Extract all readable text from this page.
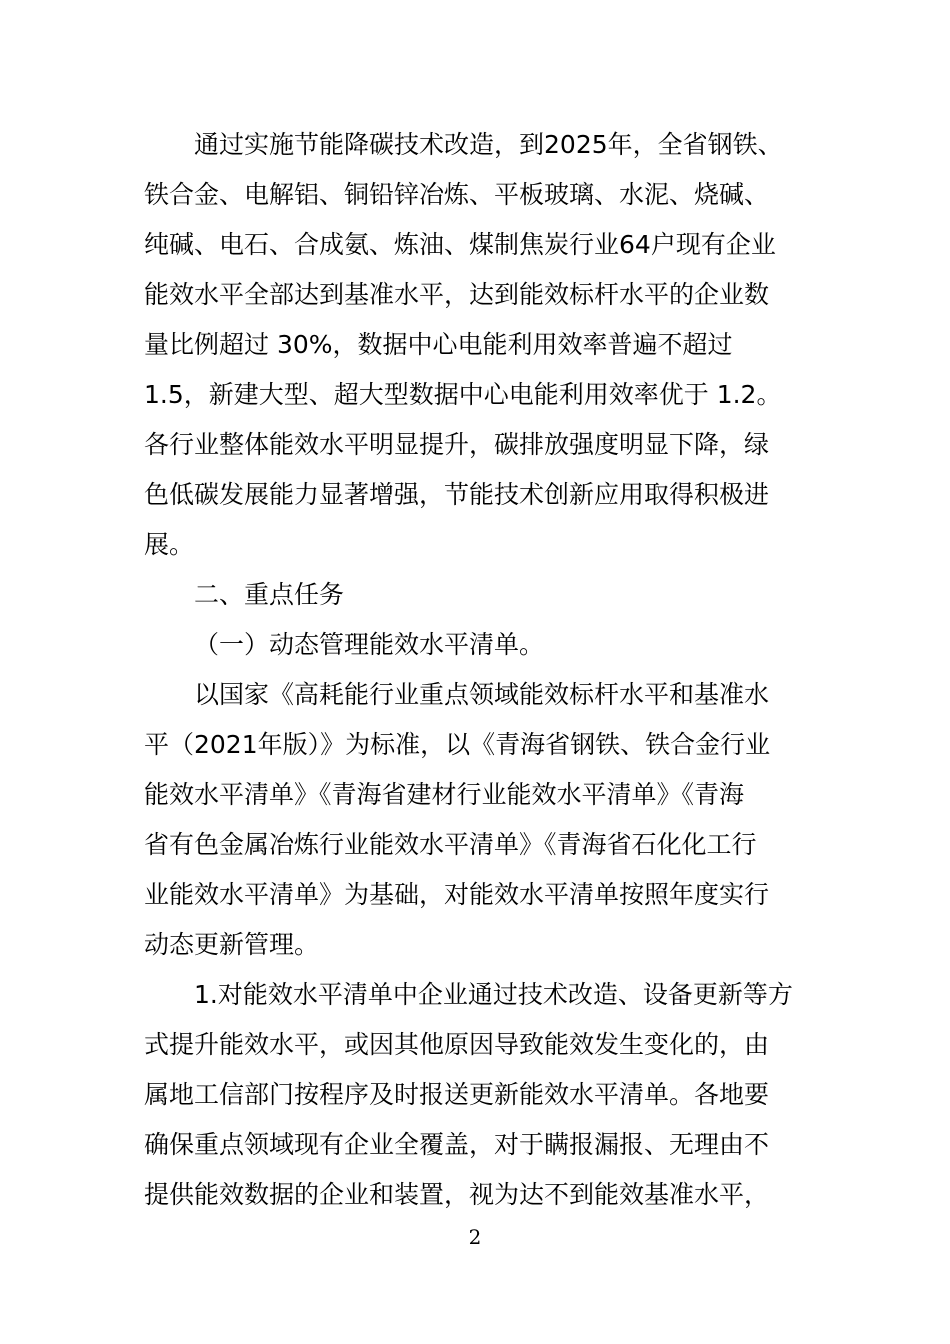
通过实施节能降碳技术改造，到2025年，全省钢铁、
铁合金、电解铝、铜铅锌冶炼、平板玻璃、水泥、烧碱、
纯碱、电石、合成氨、炼油、煤制焦炭行业64户现有企业
能效水平全部达到基准水平，达到能效标杆水平的企业数
量比例超过 30%，数据中心电能利用效率普遍不超过
1.5，新建大型、超大型数据中心电能利用效率优于 1.2。
各行业整体能效水平明显提升，碳排放强度明显下降，绿
色低碳发展能力显著增强，节能技术创新应用取得积极进
展。
二、重点任务
（一）动态管理能效水平清单。
以国家《高耗能行业重点领域能效标杆水平和基准水
平（2021年版）》为标准，以《青海省钢铁、铁合金行业
能效水平清单》《青海省建材行业能效水平清单》《青海
省有色金属冶炼行业能效水平清单》《青海省石化化工行
业能效水平清单》为基础，对能效水平清单按照年度实行
动态更新管理。
1.对能效水平清单中企业通过技术改造、设备更新等方
式提升能效水平，或因其他原因导致能效发生变化的，由
属地工信部门按程序及时报送更新能效水平清单。各地要
确保重点领域现有企业全覆盖，对于瞒报漏报、无理由不
提供能效数据的企业和装置，视为达不到能效基准水平，
2
